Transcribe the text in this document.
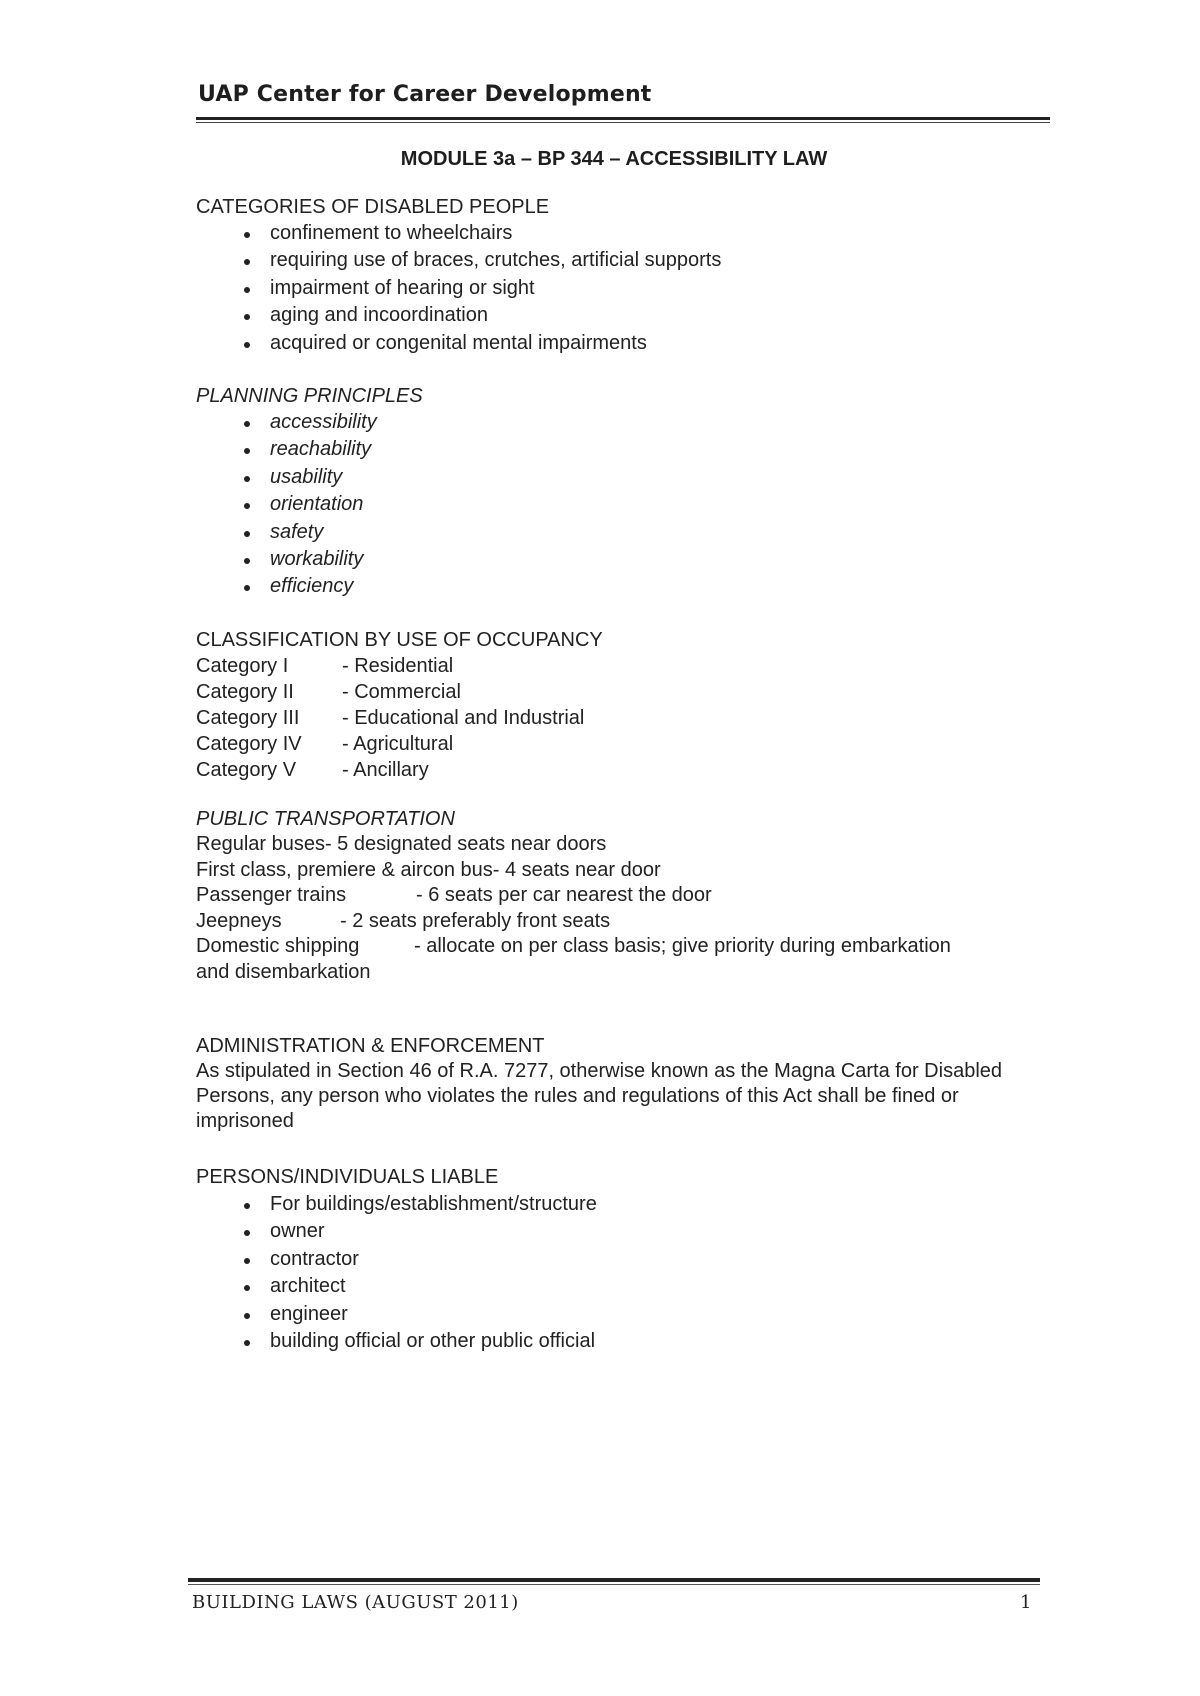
UAP Center for Career Development
MODULE 3a – BP 344 – ACCESSIBILITY LAW
CATEGORIES OF DISABLED PEOPLE
confinement to wheelchairs
requiring use of braces, crutches, artificial supports
impairment of hearing or sight
aging and incoordination
acquired or congenital mental impairments
PLANNING PRINCIPLES
accessibility
reachability
usability
orientation
safety
workability
efficiency
CLASSIFICATION BY USE OF OCCUPANCY
Category I	- Residential
Category II	- Commercial
Category III	- Educational and Industrial
Category IV	- Agricultural
Category V	- Ancillary
PUBLIC TRANSPORTATION
Regular buses- 5 designated seats near doors
First class, premiere & aircon bus- 4 seats near door
Passenger trains	- 6 seats per car nearest the door
Jeepneys	- 2 seats preferably front seats
Domestic shipping	- allocate on per class basis; give priority during embarkation
and disembarkation
ADMINISTRATION & ENFORCEMENT
As stipulated in Section 46 of R.A. 7277, otherwise known as the Magna Carta for Disabled Persons, any person who violates the rules and regulations of this Act shall be fined or imprisoned
PERSONS/INDIVIDUALS LIABLE
For buildings/establishment/structure
owner
contractor
architect
engineer
building official or other public official
BUILDING LAWS (AUGUST 2011)	1
